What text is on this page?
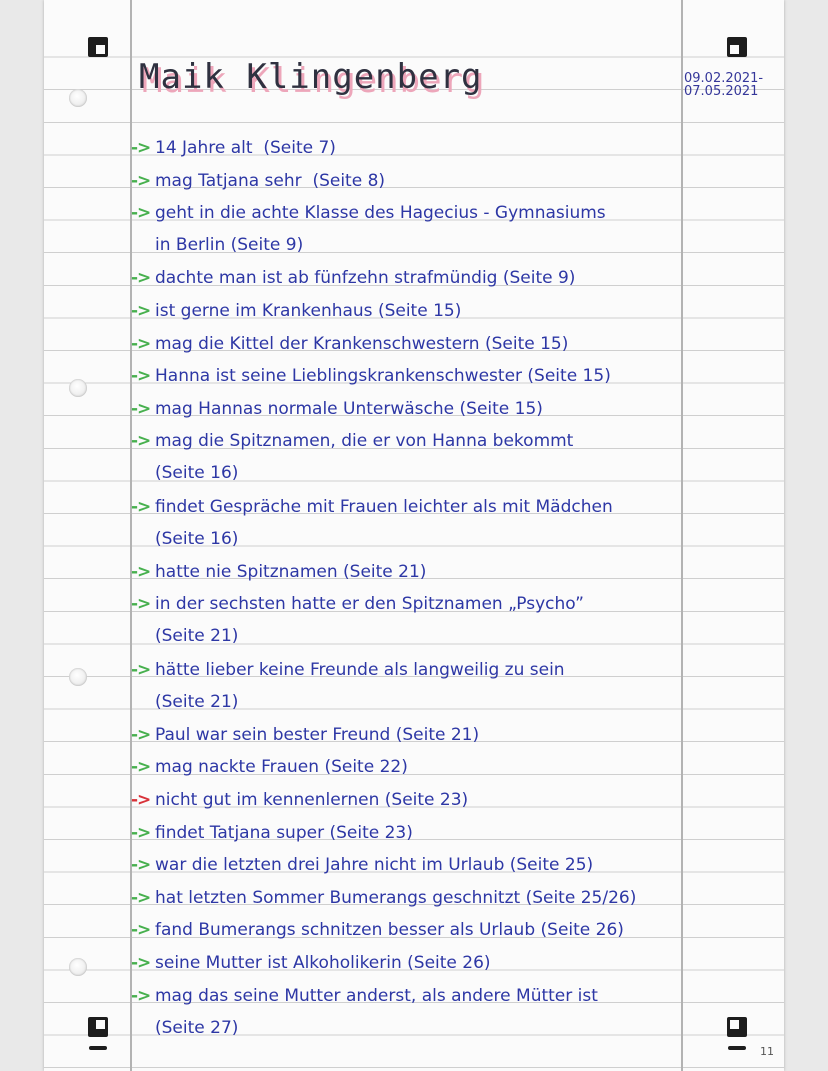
Maik Klingenberg	09.02.2021-
07.05.2021
-> 14 Jahre alt  (Seite 7)
-> mag Tatjana sehr  (Seite 8)
-> geht in die achte Klasse des Hagecius - Gymnasiums
in Berlin (Seite 9)
-> dachte man ist ab fünfzehn strafmündig (Seite 9)
-> ist gerne im Krankenhaus (Seite 15)
-> mag die Kittel der Krankenschwestern (Seite 15)
-> Hanna ist seine Lieblingskrankenschwester (Seite 15)
-> mag Hannas normale Unterwäsche (Seite 15)
-> mag die Spitznamen, die er von Hanna bekommt
(Seite 16)
-> findet Gespräche mit Frauen leichter als mit Mädchen
(Seite 16)
-> hatte nie Spitznamen (Seite 21)
-> in der sechsten hatte er den Spitznamen „Psycho”
(Seite 21)
-> hätte lieber keine Freunde als langweilig zu sein
(Seite 21)
-> Paul war sein bester Freund (Seite 21)
-> mag nackte Frauen (Seite 22)
-> nicht gut im kennenlernen (Seite 23)
-> findet Tatjana super (Seite 23)
-> war die letzten drei Jahre nicht im Urlaub (Seite 25)
-> hat letzten Sommer Bumerangs geschnitzt (Seite 25/26)
-> fand Bumerangs schnitzen besser als Urlaub (Seite 26)
-> seine Mutter ist Alkoholikerin (Seite 26)
-> mag das seine Mutter anderst, als andere Mütter ist
(Seite 27)
11
